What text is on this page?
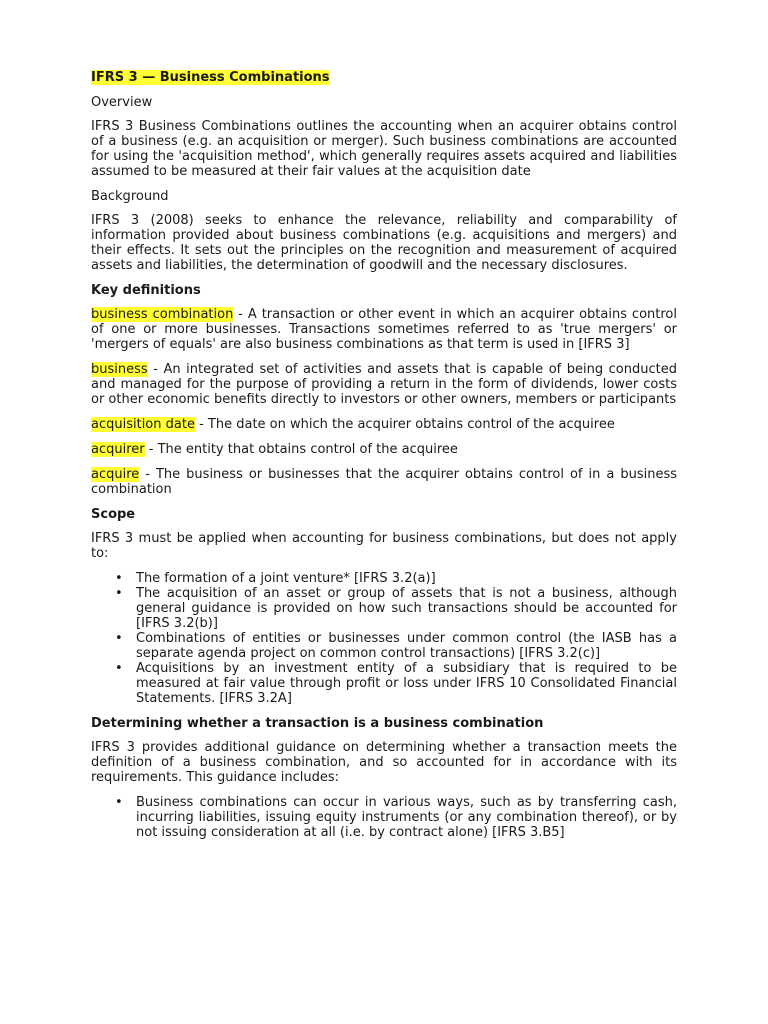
IFRS 3 — Business Combinations
Overview

IFRS 3 Business Combinations outlines the accounting when an acquirer obtains control of a business (e.g. an acquisition or merger). Such business combinations are accounted for using the 'acquisition method', which generally requires assets acquired and liabilities assumed to be measured at their fair values at the acquisition date

Background

IFRS 3 (2008) seeks to enhance the relevance, reliability and comparability of information provided about business combinations (e.g. acquisitions and mergers) and their effects. It sets out the principles on the recognition and measurement of acquired assets and liabilities, the determination of goodwill and the necessary disclosures.

Key definitions

business combination - A transaction or other event in which an acquirer obtains control of one or more businesses. Transactions sometimes referred to as 'true mergers' or 'mergers of equals' are also business combinations as that term is used in [IFRS 3]

business - An integrated set of activities and assets that is capable of being conducted and managed for the purpose of providing a return in the form of dividends, lower costs or other economic benefits directly to investors or other owners, members or participants

acquisition date - The date on which the acquirer obtains control of the acquiree

acquirer - The entity that obtains control of the acquiree

acquire - The business or businesses that the acquirer obtains control of in a business combination

Scope

IFRS 3 must be applied when accounting for business combinations, but does not apply to:

• The formation of a joint venture* [IFRS 3.2(a)]
• The acquisition of an asset or group of assets that is not a business, although general guidance is provided on how such transactions should be accounted for [IFRS 3.2(b)]
• Combinations of entities or businesses under common control (the IASB has a separate agenda project on common control transactions) [IFRS 3.2(c)]
• Acquisitions by an investment entity of a subsidiary that is required to be measured at fair value through profit or loss under IFRS 10 Consolidated Financial Statements. [IFRS 3.2A]
Determining whether a transaction is a business combination

IFRS 3 provides additional guidance on determining whether a transaction meets the definition of a business combination, and so accounted for in accordance with its requirements. This guidance includes:

• Business combinations can occur in various ways, such as by transferring cash, incurring liabilities, issuing equity instruments (or any combination thereof), or by not issuing consideration at all (i.e. by contract alone) [IFRS 3.B5]
